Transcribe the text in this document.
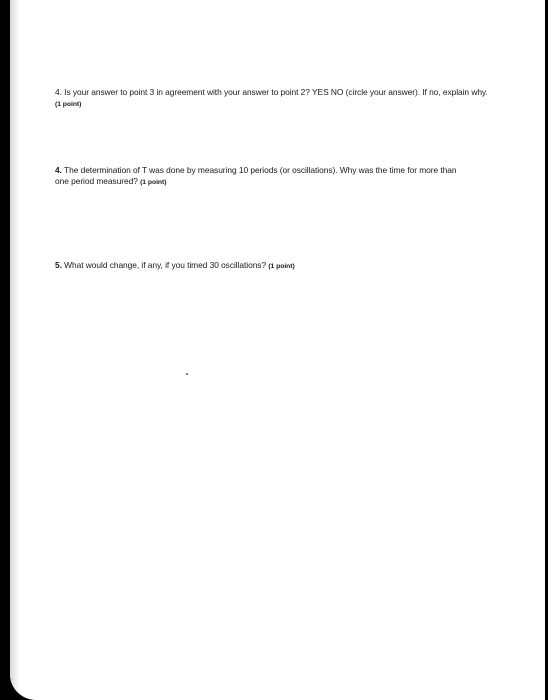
4. Is your answer to point 3 in agreement with your answer to point 2? YES NO (circle your answer). If no, explain why. (1 point)
4. The determination of T was done by measuring 10 periods (or oscillations). Why was the time for more than one period measured? (1 point)
5. What would change, if any, if you timed 30 oscillations? (1 point)
